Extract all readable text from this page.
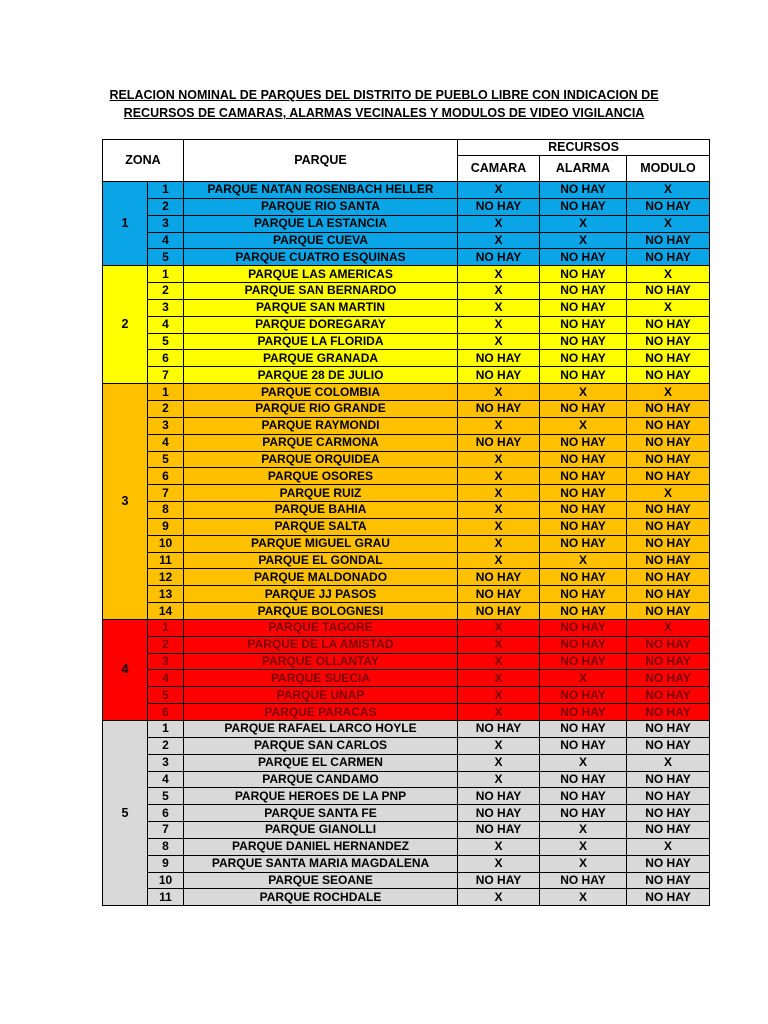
RELACION NOMINAL DE PARQUES DEL DISTRITO DE PUEBLO LIBRE CON INDICACION DE
RECURSOS DE CAMARAS, ALARMAS VECINALES Y MODULOS DE VIDEO VIGILANCIA
ZONA		PARQUE	RECURSOS		
			CAMARA	ALARMA	MODULO
1	1	PARQUE NATAN ROSENBACH HELLER	X	NO HAY	X
	2	PARQUE RIO SANTA	NO HAY	NO HAY	NO HAY
	3	PARQUE LA ESTANCIA	X	X	X
	4	PARQUE CUEVA	X	X	NO HAY
	5	PARQUE CUATRO ESQUINAS	NO HAY	NO HAY	NO HAY
2	1	PARQUE LAS AMERICAS	X	NO HAY	X
	2	PARQUE SAN BERNARDO	X	NO HAY	NO HAY
	3	PARQUE SAN MARTIN	X	NO HAY	X
	4	PARQUE DOREGARAY	X	NO HAY	NO HAY
	5	PARQUE LA FLORIDA	X	NO HAY	NO HAY
	6	PARQUE GRANADA	NO HAY	NO HAY	NO HAY
	7	PARQUE 28 DE JULIO	NO HAY	NO HAY	NO HAY
3	1	PARQUE COLOMBIA	X	X	X
	2	PARQUE RIO GRANDE	NO HAY	NO HAY	NO HAY
	3	PARQUE RAYMONDI	X	X	NO HAY
	4	PARQUE CARMONA	NO HAY	NO HAY	NO HAY
	5	PARQUE ORQUIDEA	X	NO HAY	NO HAY
	6	PARQUE OSORES	X	NO HAY	NO HAY
	7	PARQUE RUIZ	X	NO HAY	X
	8	PARQUE BAHIA	X	NO HAY	NO HAY
	9	PARQUE SALTA	X	NO HAY	NO HAY
	10	PARQUE MIGUEL GRAU	X	NO HAY	NO HAY
	11	PARQUE EL GONDAL	X	X	NO HAY
	12	PARQUE MALDONADO	NO HAY	NO HAY	NO HAY
	13	PARQUE JJ PASOS	NO HAY	NO HAY	NO HAY
	14	PARQUE BOLOGNESI	NO HAY	NO HAY	NO HAY
4	1	PARQUE TAGORE	X	NO HAY	X
	2	PARQUE DE LA AMISTAD	X	NO HAY	NO HAY
	3	PARQUE OLLANTAY	X	NO HAY	NO HAY
	4	PARQUE SUECIA	X	X	NO HAY
	5	PARQUE UNAP	X	NO HAY	NO HAY
	6	PARQUE PARACAS	X	NO HAY	NO HAY
5	1	PARQUE RAFAEL LARCO HOYLE	NO HAY	NO HAY	NO HAY
	2	PARQUE SAN CARLOS	X	NO HAY	NO HAY
	3	PARQUE EL CARMEN	X	X	X
	4	PARQUE CANDAMO	X	NO HAY	NO HAY
	5	PARQUE HEROES DE LA PNP	NO HAY	NO HAY	NO HAY
	6	PARQUE SANTA FE	NO HAY	NO HAY	NO HAY
	7	PARQUE GIANOLLI	NO HAY	X	NO HAY
	8	PARQUE DANIEL HERNANDEZ	X	X	X
	9	PARQUE SANTA MARIA MAGDALENA	X	X	NO HAY
	10	PARQUE SEOANE	NO HAY	NO HAY	NO HAY
	11	PARQUE ROCHDALE	X	X	NO HAY
